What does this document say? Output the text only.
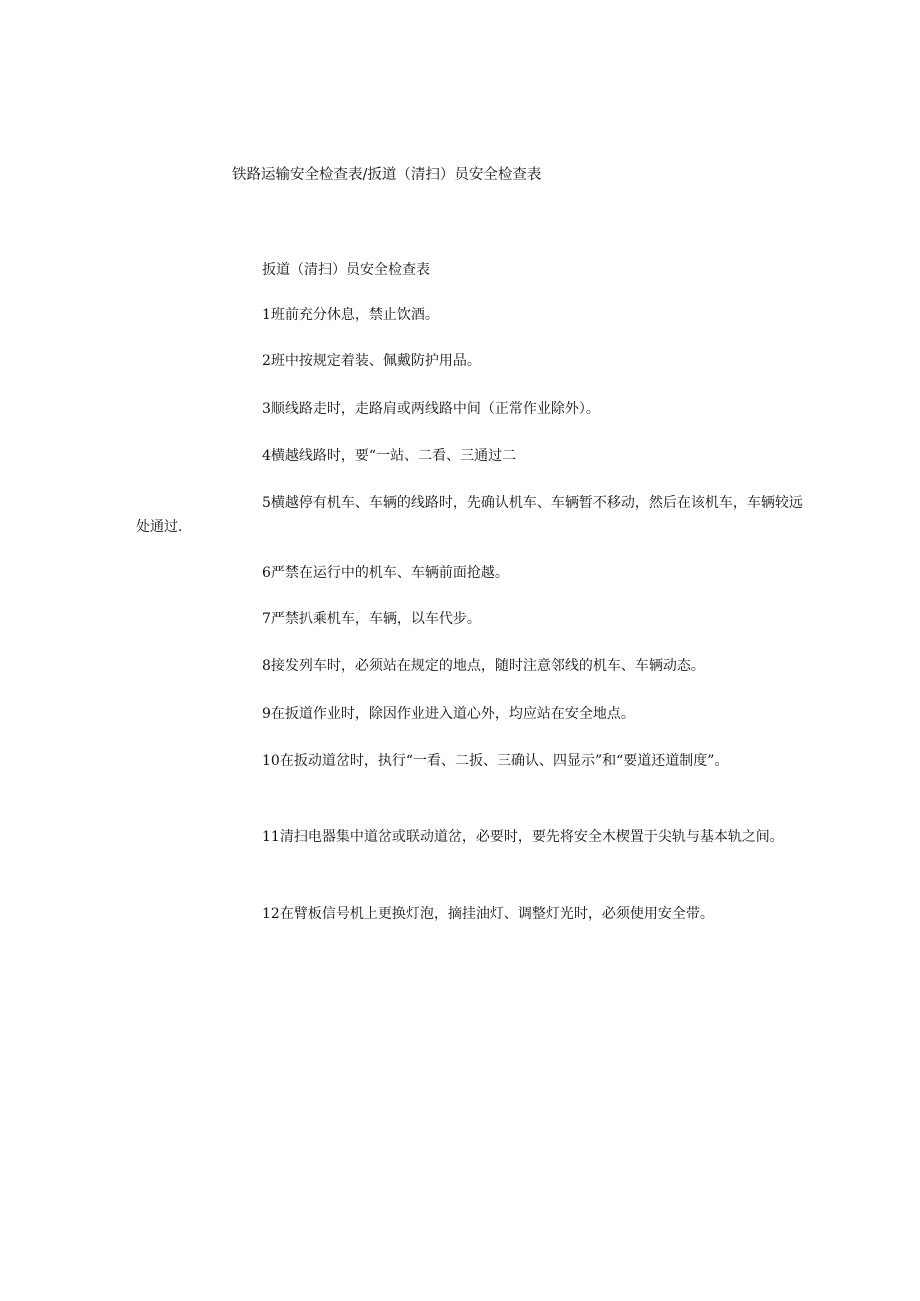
铁路运输安全检查表/扳道（清扫）员安全检查表
扳道（清扫）员安全检查表

1班前充分休息，禁止饮酒。

2班中按规定着装、佩戴防护用品。

3顺线路走时，走路肩或两线路中间（正常作业除外）。

4横越线路时，要“一站、二看、三通过二

5横越停有机车、车辆的线路时，先确认机车、车辆暂不移动，然后在该机车，车辆较远处通过.

6严禁在运行中的机车、车辆前面抢越。

7严禁扒乘机车，车辆，以车代步。

8接发列车时，必须站在规定的地点，随时注意邻线的机车、车辆动态。

9在扳道作业时，除因作业进入道心外，均应站在安全地点。

10在扳动道岔时，执行“一看、二扳、三确认、四显示”和“要道还道制度”。

11清扫电器集中道岔或联动道岔，必要时，要先将安全木楔置于尖轨与基本轨之间。

12在臂板信号机上更换灯泡，摘挂油灯、调整灯光时，必须使用安全带。
